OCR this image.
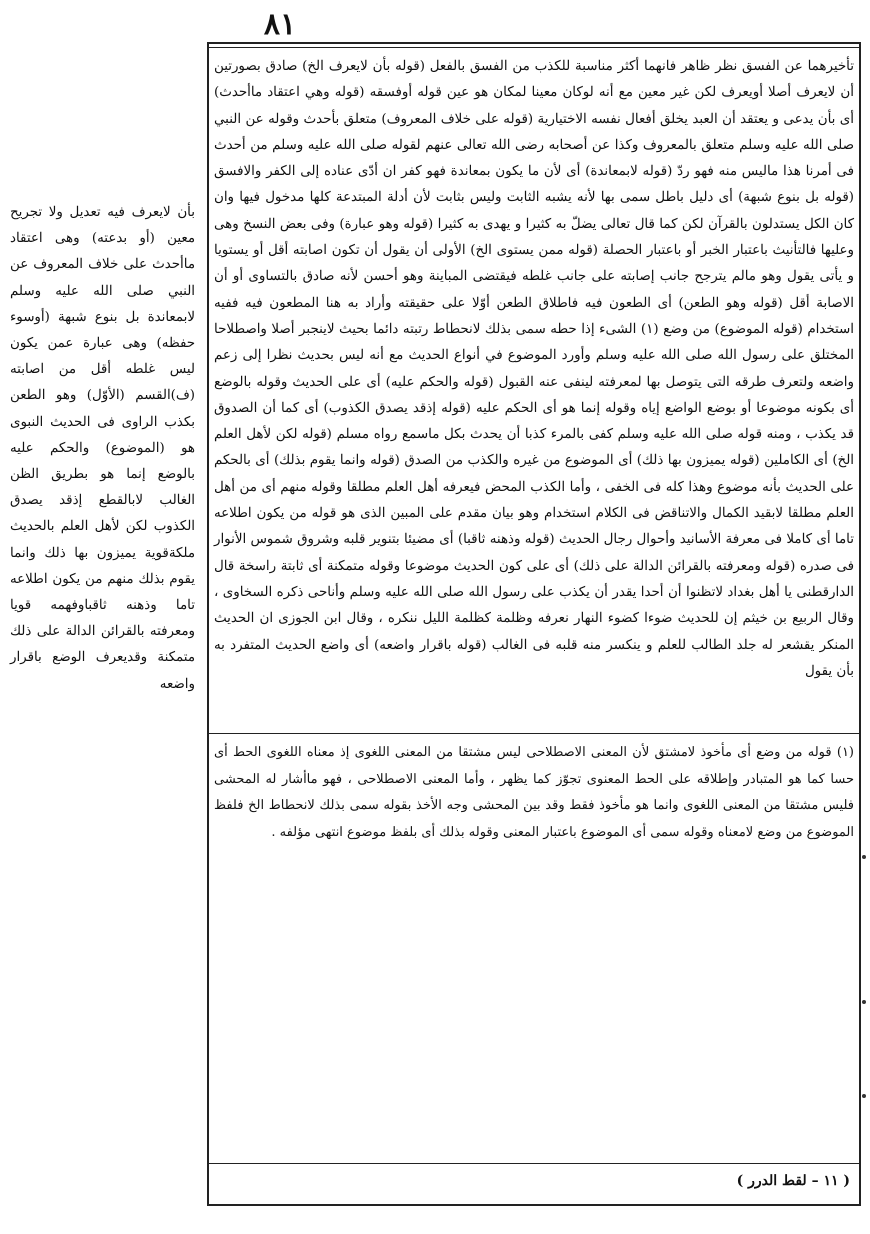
٨١

تأخيرهما عن الفسق نظر ظاهر فانهما أكثر مناسبة للكذب من الفسق بالفعل (قوله بأن لايعرف الخ) صادق بصورتين أن لايعرف أصلا أويعرف لكن غير معين مع أنه لوكان معينا لمكان هو عين قوله أوفسقه (قوله وهي اعتقاد ماأحدث) أى بأن يدعى و يعتقد أن العبد يخلق أفعال نفسه الاختيارية (قوله على خلاف المعروف) متعلق بأحدث وقوله عن النبي صلى الله عليه وسلم متعلق بالمعروف وكذا عن أصحابه رضى الله تعالى عنهم لقوله صلى الله عليه وسلم من أحدث فى أمرنا هذا ماليس منه فهو ردّ (قوله لابمعاندة) أى لأن ما يكون بمعاندة فهو كفر ان أدّى عناده إلى الكفر والافسق (قوله بل بنوع شبهة) أى دليل باطل سمى بها لأنه يشبه الثابت وليس بثابت لأن أدلة المبتدعة كلها مدخول فيها وان كان الكل يستدلون بالقرآن لكن كما قال تعالى يضلّ به كثيرا و يهدى به كثيرا (قوله وهو عبارة) وفى بعض النسخ وهى وعليها فالتأنيث باعتبار الخبر أو باعتبار الحصلة (قوله ممن يستوى الخ) الأولى أن يقول أن تكون اصابته أقل أو يستويا و يأتى يقول وهو مالم يترجح جانب إصابته على جانب غلطه فيقتضى المباينة وهو أحسن لأنه صادق بالتساوى أو أن الاصابة أقل (قوله وهو الطعن) أى الطعون فيه فاطلاق الطعن أوّلا على حقيقته وأراد به هنا المطعون فيه ففيه استخدام (قوله الموضوع) من وضع (١) الشىء إذا حطه سمى بذلك لانحطاط رتبته دائما بحيث لاينجبر أصلا واصطلاحا المختلق على رسول الله صلى الله عليه وسلم وأورد الموضوع في أنواع الحديث مع أنه ليس بحديث نظرا إلى زعم واضعه ولتعرف طرقه التى يتوصل بها لمعرفته لينفى عنه القبول (قوله والحكم عليه) أى على الحديث وقوله بالوضع أى بكونه موضوعا أو بوضع الواضع إياه وقوله إنما هو أى الحكم عليه (قوله إذقد يصدق الكذوب) أى كما أن الصدوق قد يكذب ، ومنه قوله صلى الله عليه وسلم كفى بالمرء كذبا أن يحدث بكل ماسمع رواه مسلم (قوله لكن لأهل العلم الخ) أى الكاملين (قوله يميزون بها ذلك) أى الموضوع من غيره والكذب من الصدق (قوله وانما يقوم بذلك) أى بالحكم على الحديث بأنه موضوع وهذا كله فى الخفى ، وأما الكذب المحض فيعرفه أهل العلم مطلقا وقوله منهم أى من أهل العلم مطلقا لابقيد الكمال والاتناقض فى الكلام استخدام وهو بيان مقدم على المبين الذى هو قوله من يكون اطلاعه تاما أى كاملا فى معرفة الأسانيد وأحوال رجال الحديث (قوله وذهنه ثاقبا) أى مضيئا بتنوير قلبه وشروق شموس الأنوار فى صدره (قوله ومعرفته بالقرائن الدالة على ذلك) أى على كون الحديث موضوعا وقوله متمكنة أى ثابتة راسخة قال الدارقطنى يا أهل بغداد لاتظنوا أن أحدا يقدر أن يكذب على رسول الله صلى الله عليه وسلم وأناحى ذكره السخاوى ، وقال الربيع بن خيثم إن للحديث ضوءا كضوء النهار نعرفه وظلمة كظلمة الليل ننكره ، وقال ابن الجوزى ان الحديث المنكر يقشعر له جلد الطالب للعلم و ينكسر منه قلبه فى الغالب (قوله باقرار واضعه) أى واضع الحديث المتفرد به بأن يقول

(١) قوله من وضع أى مأخوذ لامشتق لأن المعنى الاصطلاحى ليس مشتقا من المعنى اللغوى إذ معناه اللغوى الحط أى حسا كما هو المتبادر وإطلاقه على الحط المعنوى تجوّز كما يظهر ، وأما المعنى الاصطلاحى ، فهو ماأشار له المحشى فليس مشتقا من المعنى اللغوى وانما هو مأخوذ فقط وقد بين المحشى وجه الأخذ بقوله سمى بذلك لانحطاط الخ فلفظ الموضوع من وضع لامعناه وقوله سمى أى الموضوع باعتبار المعنى وقوله بذلك أى بلفظ موضوع انتهى مؤلفه .

( ١١ – لقط الدرر )

بأن لايعرف فيه تعديل ولا تجريح معين (أو بدعته) وهى اعتقاد ماأحدث على خلاف المعروف عن النبي صلى الله عليه وسلم لابمعاندة بل بنوع شبهة (أوسوء حفظه) وهى عبارة عمن يكون ليس غلطه أقل من اصابته (ف)القسم (الأوّل) وهو الطعن بكذب الراوى فى الحديث النبوى هو (الموضوع) والحكم عليه بالوضع إنما هو بطريق الظن الغالب لابالقطع إذقد يصدق الكذوب لكن لأهل العلم بالحديث ملكةقوية يميزون بها ذلك وانما يقوم بذلك منهم من يكون اطلاعه تاما وذهنه ثاقباوفهمه قويا ومعرفته بالقرائن الدالة على ذلك متمكنة وقديعرف الوضع باقرار واضعه
